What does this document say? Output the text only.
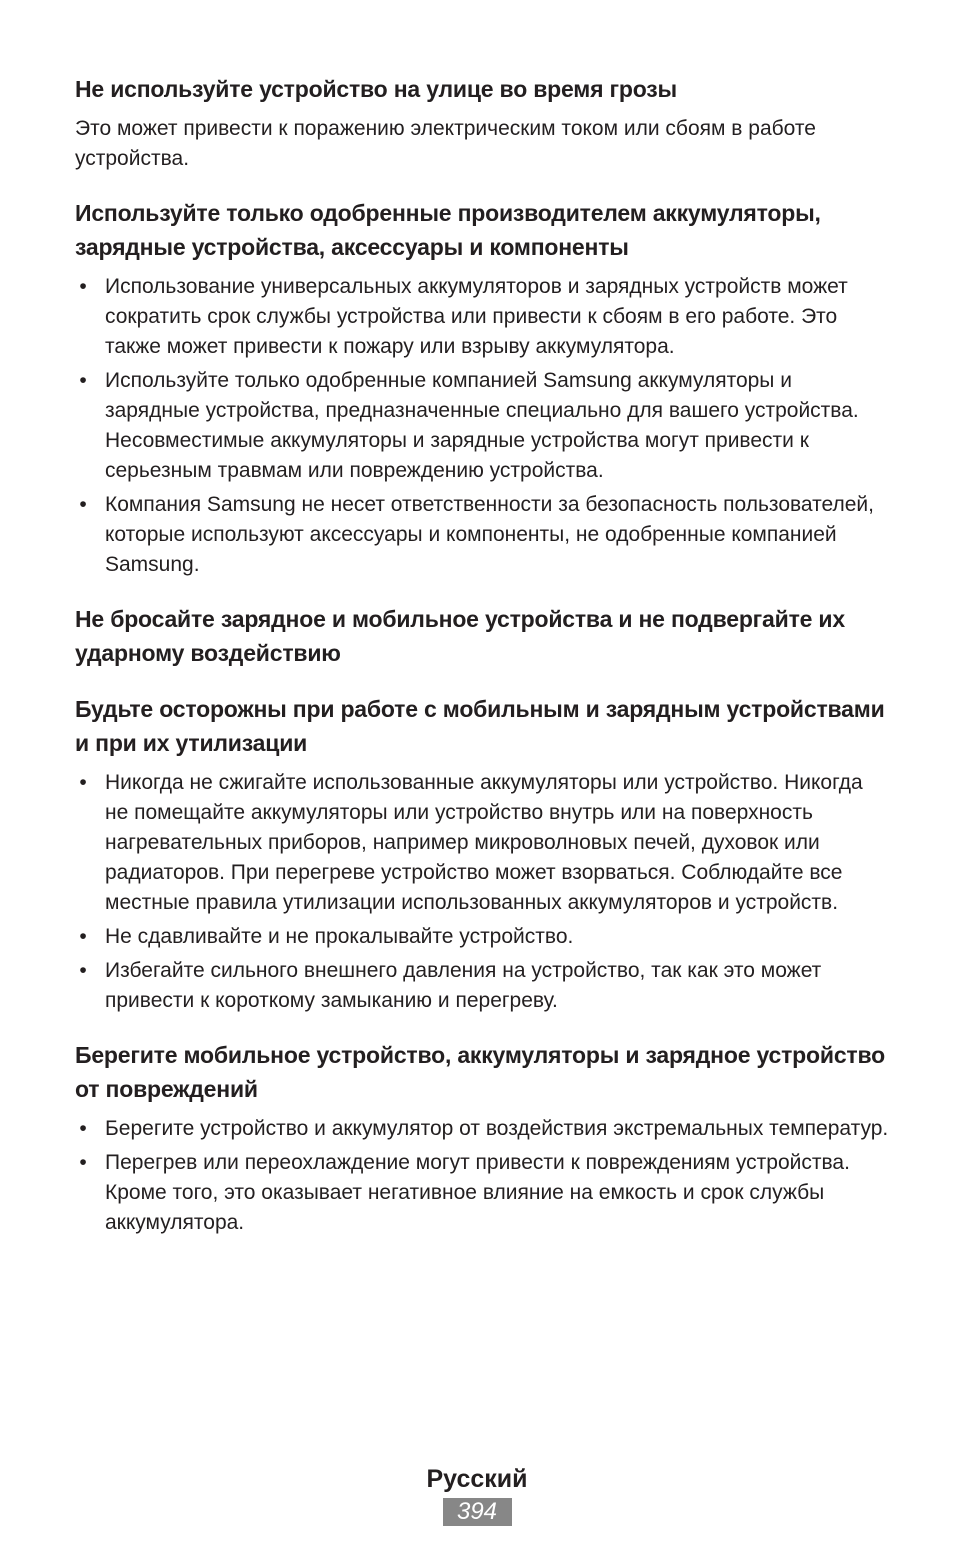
Не используйте устройство на улице во время грозы

Это может привести к поражению электрическим током или сбоям в работе устройства.

Используйте только одобренные производителем аккумуляторы, зарядные устройства, аксессуары и компоненты
• Использование универсальных аккумуляторов и зарядных устройств может сократить срок службы устройства или привести к сбоям в его работе. Это также может привести к пожару или взрыву аккумулятора.
• Используйте только одобренные компанией Samsung аккумуляторы и зарядные устройства, предназначенные специально для вашего устройства. Несовместимые аккумуляторы и зарядные устройства могут привести к серьезным травмам или повреждению устройства.
• Компания Samsung не несет ответственности за безопасность пользователей, которые используют аксессуары и компоненты, не одобренные компанией Samsung.
Не бросайте зарядное и мобильное устройства и не подвергайте их ударному воздействию
Будьте осторожны при работе с мобильным и зарядным устройствами и при их утилизации
• Никогда не сжигайте использованные аккумуляторы или устройство. Никогда не помещайте аккумуляторы или устройство внутрь или на поверхность нагревательных приборов, например микроволновых печей, духовок или радиаторов. При перегреве устройство может взорваться. Соблюдайте все местные правила утилизации использованных аккумуляторов и устройств.
• Не сдавливайте и не прокалывайте устройство.
• Избегайте сильного внешнего давления на устройство, так как это может привести к короткому замыканию и перегреву.
Берегите мобильное устройство, аккумуляторы и зарядное устройство от повреждений
• Берегите устройство и аккумулятор от воздействия экстремальных температур.
• Перегрев или переохлаждение могут привести к повреждениям устройства. Кроме того, это оказывает негативное влияние на емкость и срок службы аккумулятора.
Русский
394
